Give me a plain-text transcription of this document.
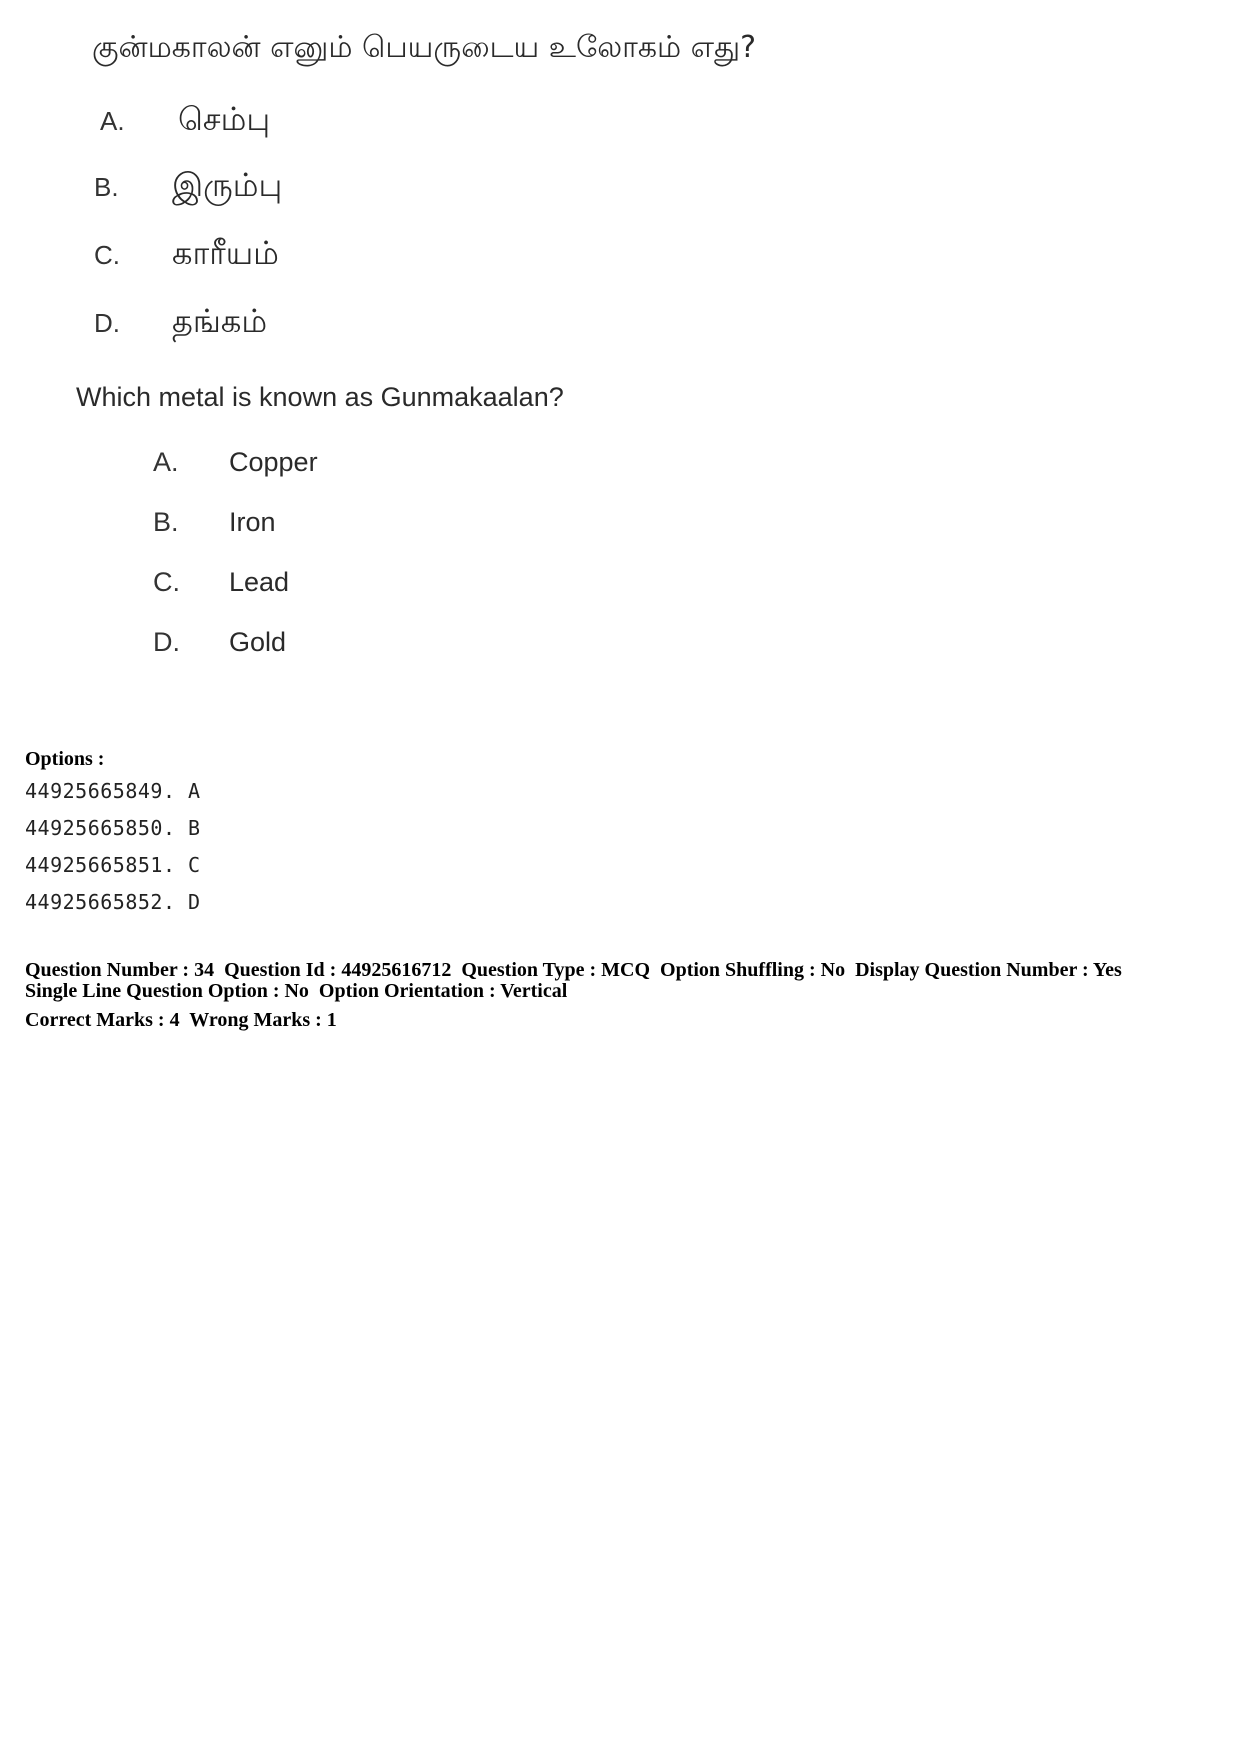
குன்மகாலன் எனும் பெயருடைய உலோகம் எது?
A. செம்பு
B. இரும்பு
C. காரீயம்
D. தங்கம்
Which metal is known as Gunmakaalan?
A. Copper
B. Iron
C. Lead
D. Gold
Options :
44925665849. A
44925665850. B
44925665851. C
44925665852. D
Question Number : 34  Question Id : 44925616712  Question Type : MCQ  Option Shuffling : No  Display Question Number : Yes
Single Line Question Option : No  Option Orientation : Vertical
Correct Marks : 4  Wrong Marks : 1
